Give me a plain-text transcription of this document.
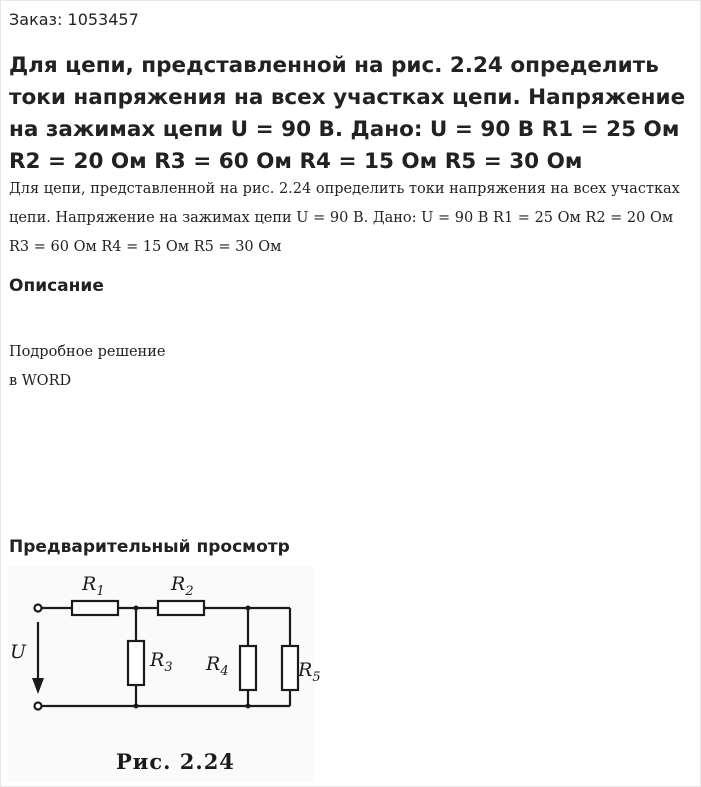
Заказ: 1053457
Для цепи, представленной на рис. 2.24 определить токи напряжения на всех участках цепи. Напряжение на зажимах цепи U = 90 В. Дано: U = 90 В R1 = 25 Ом R2 = 20 Ом R3 = 60 Ом R4 = 15 Ом R5 = 30 Ом
Для цепи, представленной на рис. 2.24 определить токи напряжения на всех участках цепи. Напряжение на зажимах цепи U = 90 В. Дано: U = 90 В R1 = 25 Ом R2 = 20 Ом R3 = 60 Ом R4 = 15 Ом R5 = 30 Ом
Описание
Подробное решение
в WORD
Предварительный просмотр
U
$R_1$	$R_2$
$R_3$ $R_4$	$R_5$
Рис. 2.24
